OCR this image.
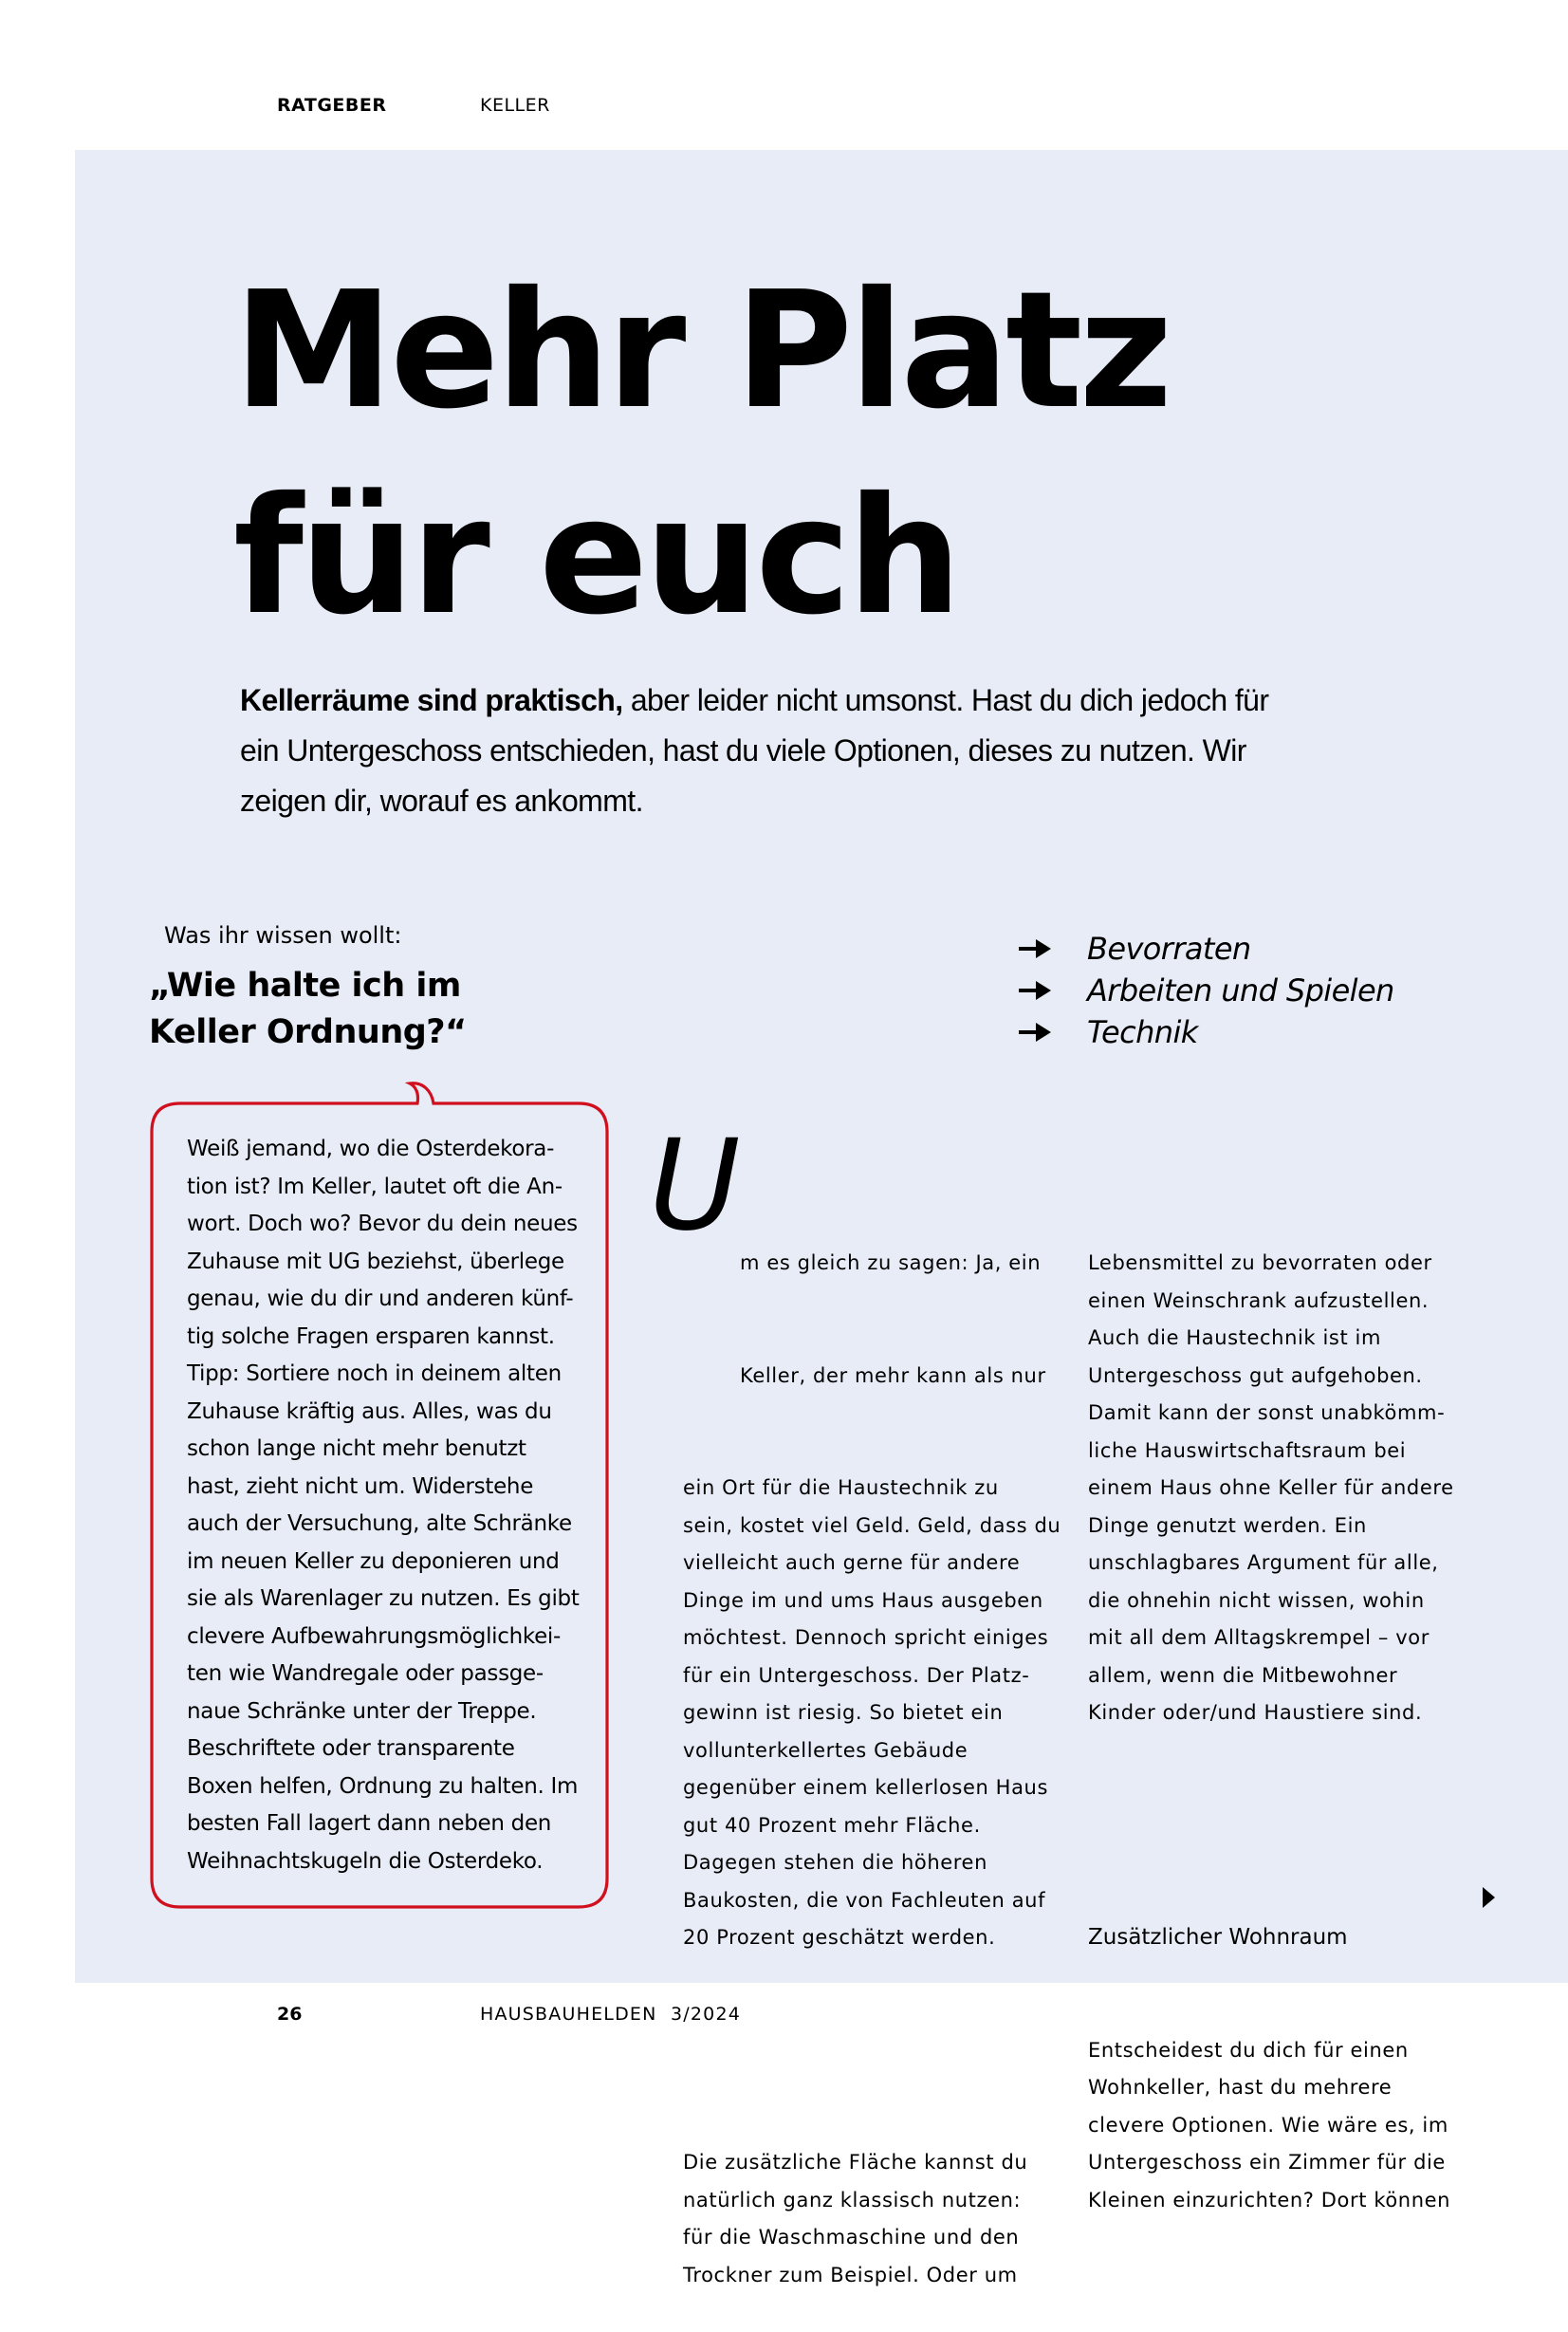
RATGEBER	KELLER
Mehr Platz
für euch

Kellerräume sind praktisch, aber leider nicht umsonst. Hast du dich jedoch für ein Untergeschoss entschieden, hast du viele Optionen, dieses zu nutzen. Wir zeigen dir, worauf es ankommt.

Was ihr wissen wollt:
„Wie halte ich im
Keller Ordnung?“
Bevorraten
Arbeiten und Spielen
Technik

Weiß jemand, wo die Osterdekora-
tion ist? Im Keller, lautet oft die An-
wort. Doch wo? Bevor du dein neues
Zuhause mit UG beziehst, überlege
genau, wie du dir und anderen künf-
tig solche Fragen ersparen kannst.
Tipp: Sortiere noch in deinem alten
Zuhause kräftig aus. Alles, was du
schon lange nicht mehr benutzt
hast, zieht nicht um. Widerstehe
auch der Versuchung, alte Schränke
im neuen Keller zu deponieren und
sie als Warenlager zu nutzen. Es gibt
clevere Aufbewahrungsmöglichkei-
ten wie Wandregale oder passge-
naue Schränke unter der Treppe.
Beschriftete oder transparente
Boxen helfen, Ordnung zu halten. Im
besten Fall lagert dann neben den
Weihnachtskugeln die Osterdeko.

U

m es gleich zu sagen: Ja, ein

Keller, der mehr kann als nur

ein Ort für die Haustechnik zu
sein, kostet viel Geld. Geld, dass du
vielleicht auch gerne für andere
Dinge im und ums Haus ausgeben
möchtest. Dennoch spricht einiges
für ein Untergeschoss. Der Platz-
gewinn ist riesig. So bietet ein
vollunterkellertes Gebäude
gegenüber einem kellerlosen Haus
gut 40 Prozent mehr Fläche.
Dagegen stehen die höheren
Baukosten, die von Fachleuten auf
20 Prozent geschätzt werden.

Die zusätzliche Fläche kannst du
natürlich ganz klassisch nutzen:
für die Waschmaschine und den
Trockner zum Beispiel. Oder um

Lebensmittel zu bevorraten oder
einen Weinschrank aufzustellen.
Auch die Haustechnik ist im
Untergeschoss gut aufgehoben.
Damit kann der sonst unabkömm-
liche Hauswirtschaftsraum bei
einem Haus ohne Keller für andere
Dinge genutzt werden. Ein
unschlagbares Argument für alle,
die ohnehin nicht wissen, wohin
mit all dem Alltagskrempel – vor
allem, wenn die Mitbewohner
Kinder oder/und Haustiere sind.

Zusätzlicher Wohnraum

Entscheidest du dich für einen
Wohnkeller, hast du mehrere
clevere Optionen. Wie wäre es, im
Untergeschoss ein Zimmer für die
Kleinen einzurichten? Dort können

26	HAUSBAUHELDEN  3/2024
